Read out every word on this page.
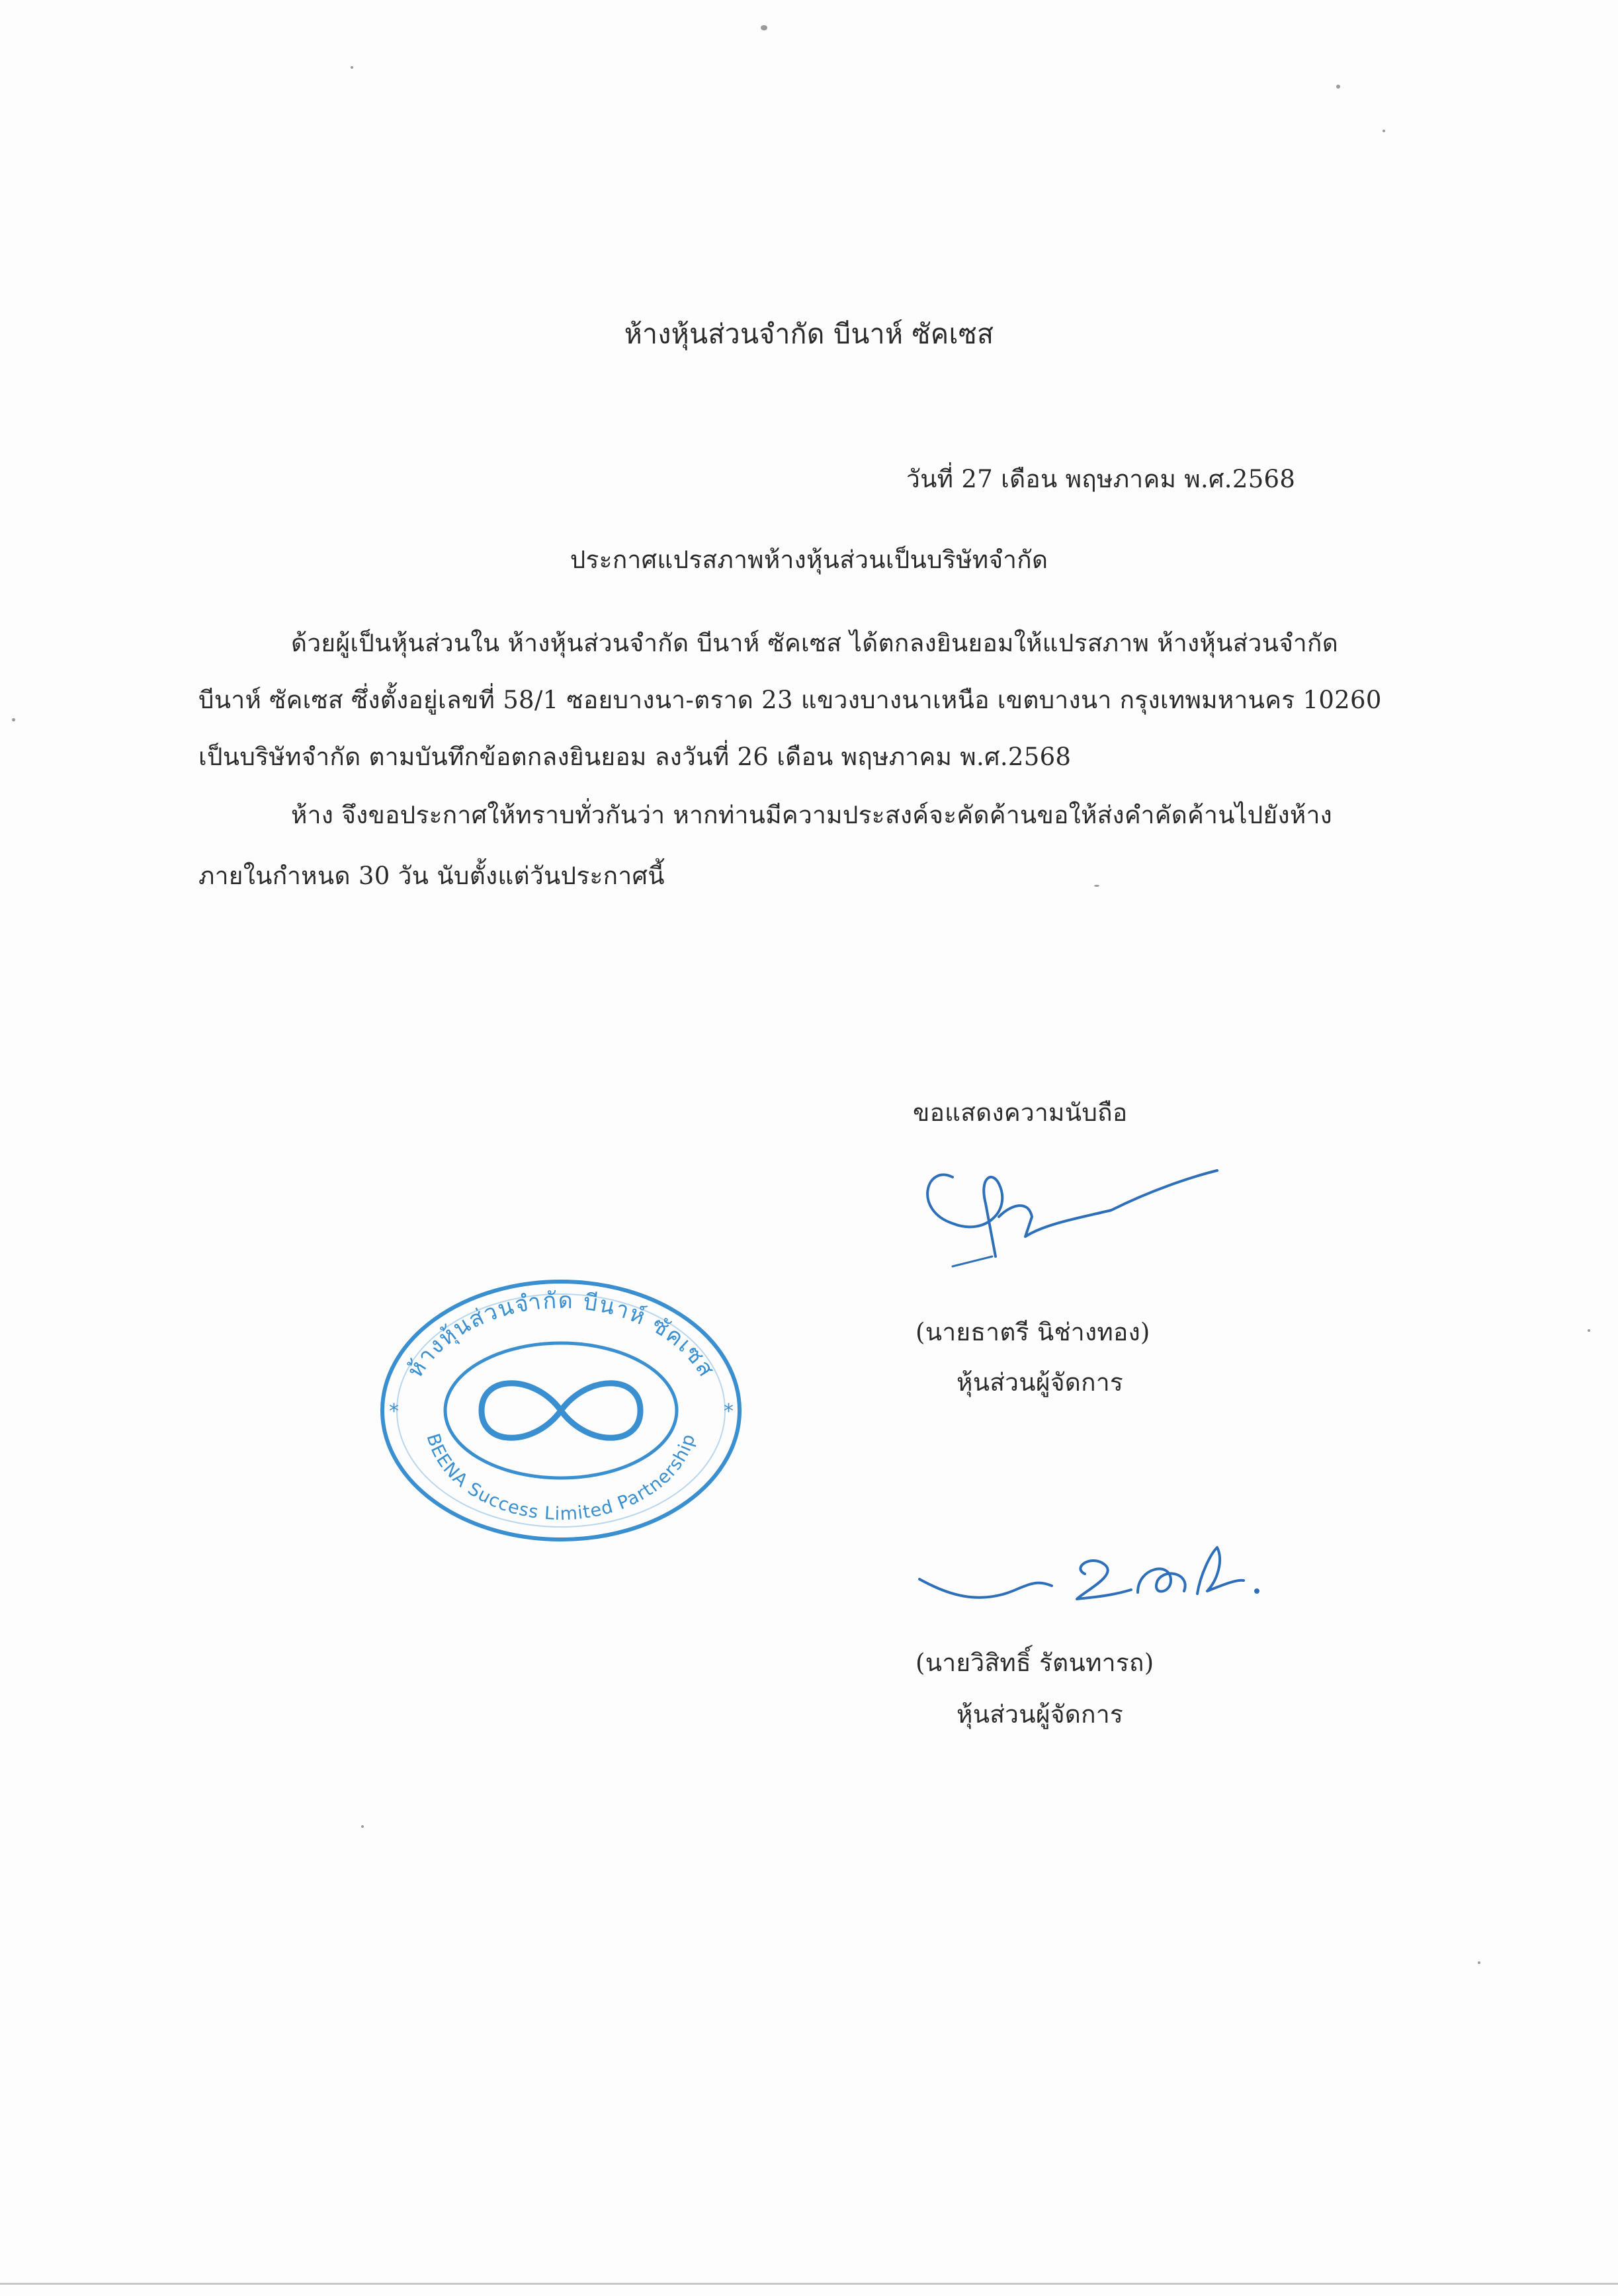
ห้างหุ้นส่วนจำกัด บีนาห์ ซัคเซส
วันที่ 27 เดือน พฤษภาคม พ.ศ.2568
ประกาศแปรสภาพห้างหุ้นส่วนเป็นบริษัทจำกัด
ด้วยผู้เป็นหุ้นส่วนใน ห้างหุ้นส่วนจำกัด บีนาห์ ซัคเซส ได้ตกลงยินยอมให้แปรสภาพ ห้างหุ้นส่วนจำกัด
บีนาห์ ซัคเซส ซึ่งตั้งอยู่เลขที่ 58/1 ซอยบางนา-ตราด 23 แขวงบางนาเหนือ เขตบางนา กรุงเทพมหานคร 10260
เป็นบริษัทจำกัด ตามบันทึกข้อตกลงยินยอม ลงวันที่ 26 เดือน พฤษภาคม พ.ศ.2568
ห้าง จึงขอประกาศให้ทราบทั่วกันว่า หากท่านมีความประสงค์จะคัดค้านขอให้ส่งคำคัดค้านไปยังห้าง
ภายในกำหนด 30 วัน นับตั้งแต่วันประกาศนี้
ขอแสดงความนับถือ
(นายธาตรี นิช่างทอง)
หุ้นส่วนผู้จัดการ
ห้างหุ้นส่วนจำกัด บีนาห์ ซัคเซส
BEENA Success Limited Partnership
*	*
(นายวิสิทธิ์ รัตนทารถ)
หุ้นส่วนผู้จัดการ
